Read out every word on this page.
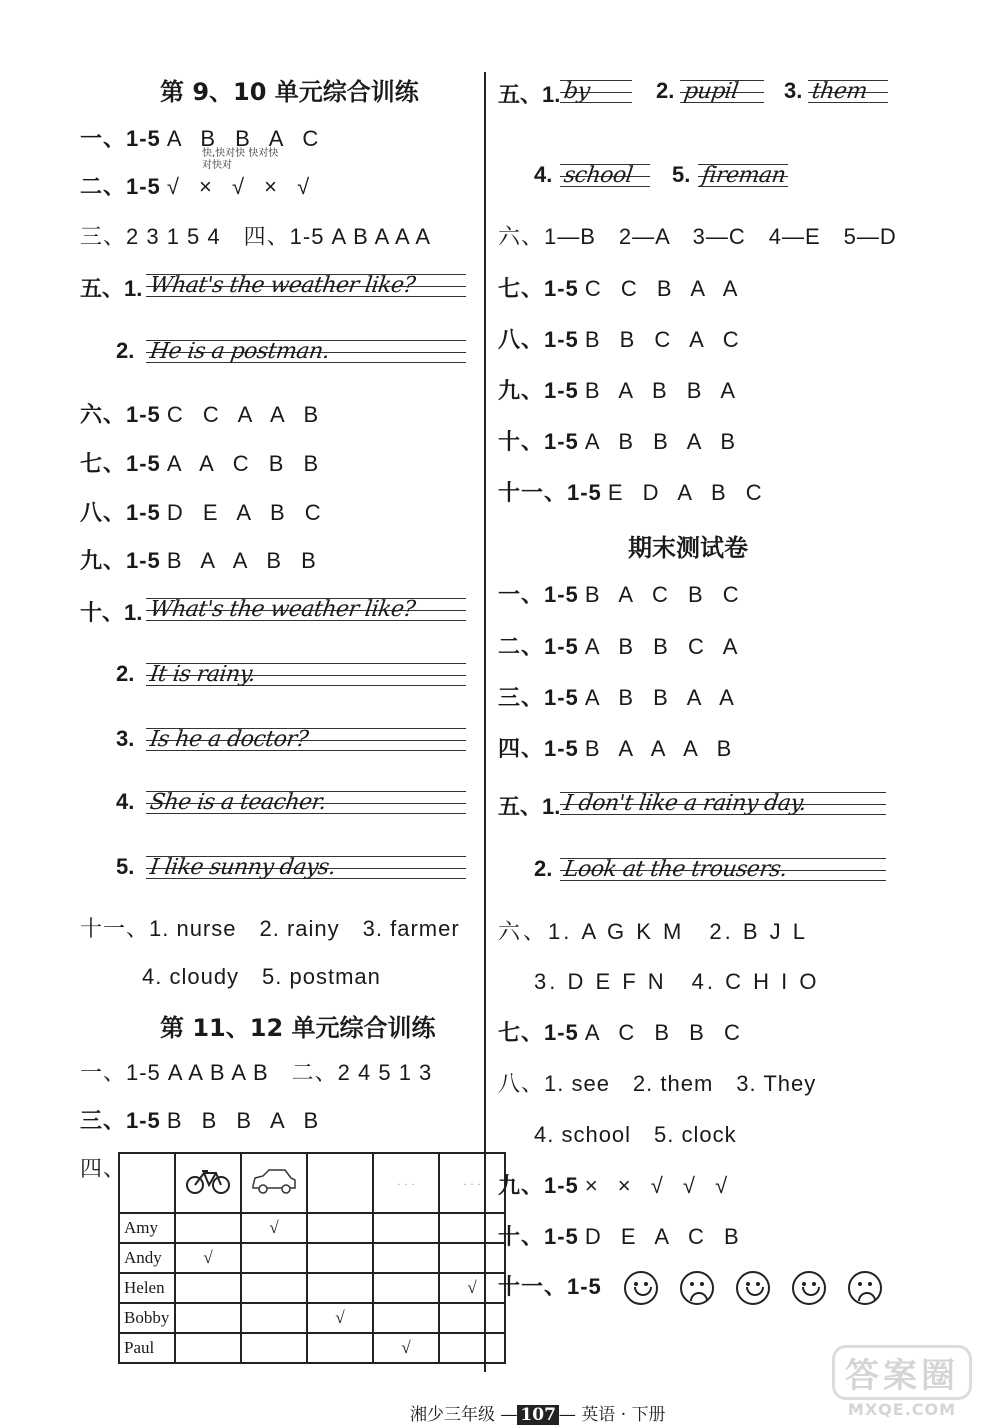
第 9、10 单元综合训练
一、1-5 A B B A C
快,快对快 快对快对快对
二、1-5 √ × √ × √
三、2 3 1 5 4　四、1-5 A B A A A
五、1. What's the weather like?
2. He is a postman.
六、1-5 C C A A B
七、1-5 A A C B B
八、1-5 D E A B C
九、1-5 B A A B B
十、1. What's the weather like?
2. It is rainy.
3. Is he a doctor?
4. She is a teacher.
5. I like sunny days.
十一、1. nurse　2. rainy　3. farmer
4. cloudy　5. postman
第 11、12 单元综合训练
一、1-5 A A B A B　二、2 4 5 1 3
三、1-5 B B B A B
四、
				· · ·	· · ·
Amy		√			
Andy	√				
Helen					√
Bobby			√		
Paul				√	
五、1. by	2. pupil 3. them
4. school 5. fireman
六、1—B　2—A　3—C　4—E　5—D
七、1-5 C C B A A
八、1-5 B B C A C
九、1-5 B A B B A
十、1-5 A B B A B
十一、1-5 E D A B C
期末测试卷
一、1-5 B A C B C
二、1-5 A B B C A
三、1-5 A B B A A
四、1-5 B A A A B
五、1. I don't like a rainy day.
2. Look at the trousers.
六、1. A G K M　2. B J L
3. D E F N　4. C H I O
七、1-5 A C B B C
八、1. see　2. them　3. They
4. school　5. clock
九、1-5 × × √ √ √
十、1-5 D E A C B
十一、1-5
湘少三年级 — 107 — 英语 · 下册
答案圈
MXQE.COM
